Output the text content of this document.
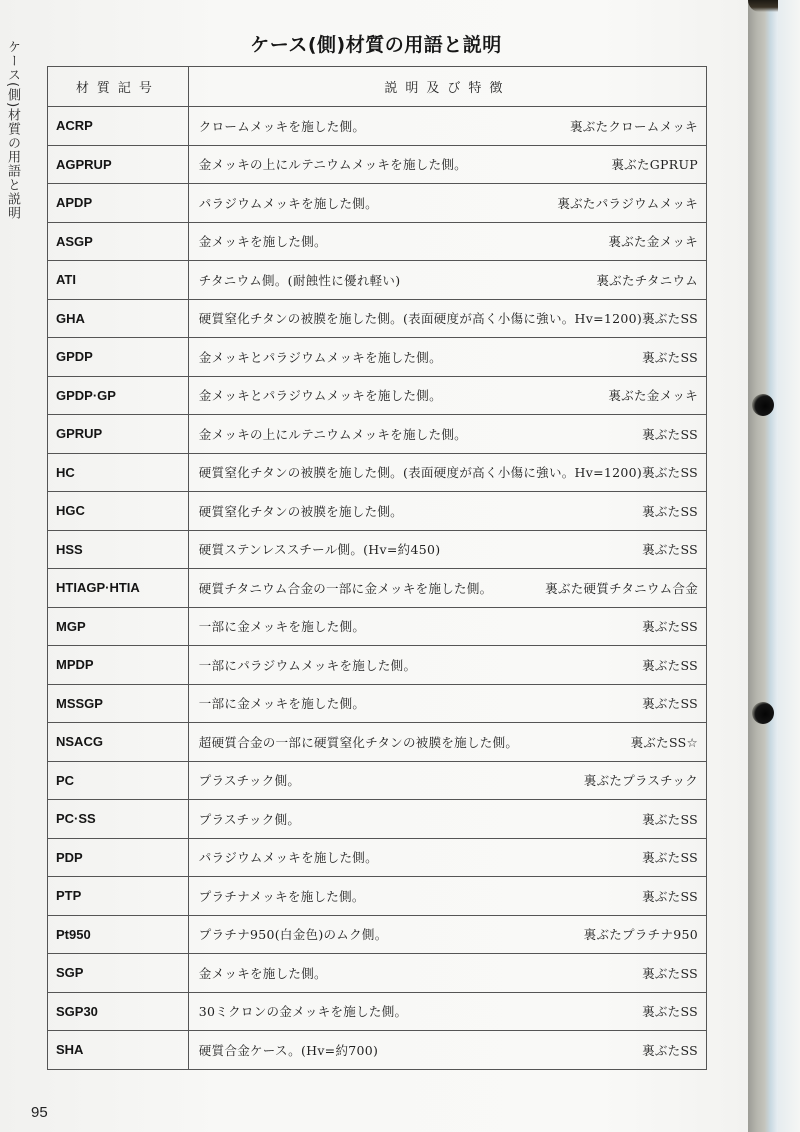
ケース(側)材質の用語と説明	ケース(側)材質の用語と説明
材質記号	説明及び特徴
ACRP	クロームメッキを施した側。 裏ぶたクロームメッキ

AGPRUP	金メッキの上にルテニウムメッキを施した側。 裏ぶたGPRUP

APDP	パラジウムメッキを施した側。 裏ぶたパラジウムメッキ

ASGP	金メッキを施した側。 裏ぶた金メッキ

ATI	チタニウム側。(耐蝕性に優れ軽い) 裏ぶたチタニウム

GHA	硬質窒化チタンの被膜を施した側。(表面硬度が高く小傷に強い。Hv=1200) 裏ぶたSS

GPDP	金メッキとパラジウムメッキを施した側。 裏ぶたSS

GPDP·GP	金メッキとパラジウムメッキを施した側。 裏ぶた金メッキ

GPRUP	金メッキの上にルテニウムメッキを施した側。 裏ぶたSS

HC	硬質窒化チタンの被膜を施した側。(表面硬度が高く小傷に強い。Hv=1200) 裏ぶたSS

HGC	硬質窒化チタンの被膜を施した側。 裏ぶたSS

HSS	硬質ステンレススチール側。(Hv=約450) 裏ぶたSS

HTIAGP·HTIA	硬質チタニウム合金の一部に金メッキを施した側。 裏ぶた硬質チタニウム合金

MGP	一部に金メッキを施した側。 裏ぶたSS

MPDP	一部にパラジウムメッキを施した側。 裏ぶたSS

MSSGP	一部に金メッキを施した側。 裏ぶたSS

NSACG	超硬質合金の一部に硬質窒化チタンの被膜を施した側。 裏ぶたSS☆

PC	プラスチック側。 裏ぶたプラスチック

PC·SS	プラスチック側。 裏ぶたSS

PDP	パラジウムメッキを施した側。 裏ぶたSS

PTP	プラチナメッキを施した側。 裏ぶたSS

Pt950	プラチナ950(白金色)のムク側。 裏ぶたプラチナ950

SGP	金メッキを施した側。 裏ぶたSS

SGP30	30ミクロンの金メッキを施した側。 裏ぶたSS

SHA	硬質合金ケース。(Hv=約700) 裏ぶたSS
95
